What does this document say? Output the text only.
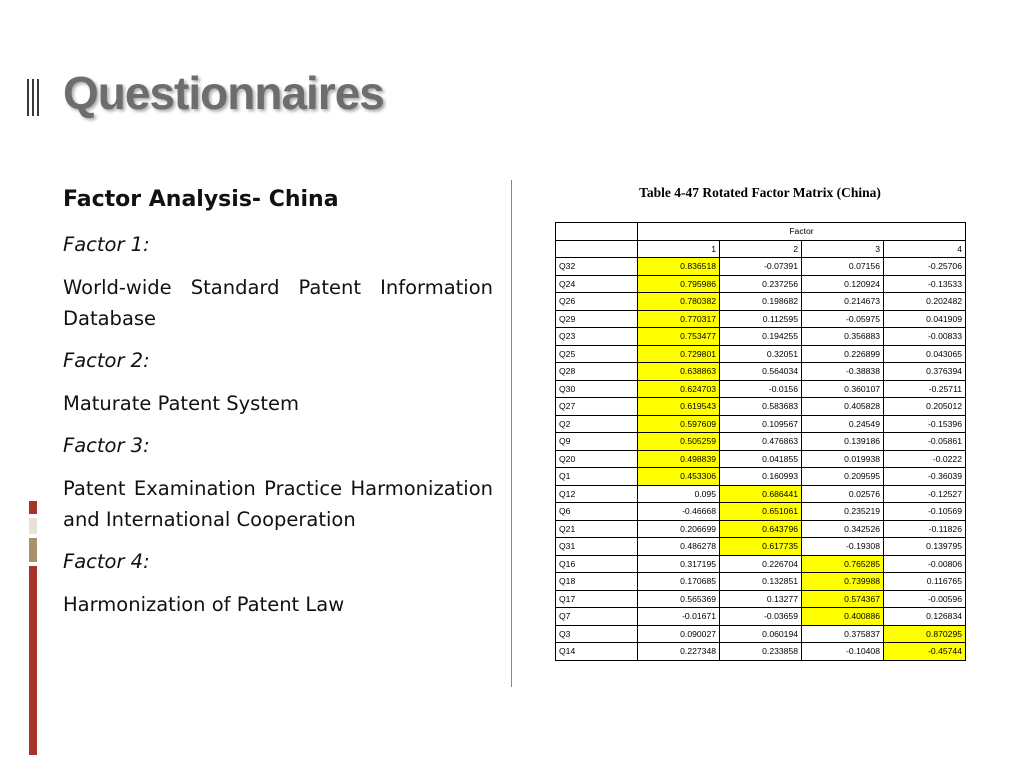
Questionnaires
Factor Analysis- China
Factor 1:
World-wide Standard Patent Information Database
Factor 2:
Maturate Patent System
Factor 3:
Patent Examination Practice Harmonization and International Cooperation
Factor 4:
Harmonization of Patent Law
Table 4-47 Rotated Factor Matrix (China)
	Factor			
	1	2	3	4
Q32	0.836518	-0.07391	0.07156	-0.25706
Q24	0.795986	0.237256	0.120924	-0.13533
Q26	0.780382	0.198682	0.214673	0.202482
Q29	0.770317	0.112595	-0.05975	0.041909
Q23	0.753477	0.194255	0.356883	-0.00833
Q25	0.729801	0.32051	0.226899	0.043065
Q28	0.638863	0.564034	-0.38838	0.376394
Q30	0.624703	-0.0156	0.360107	-0.25711
Q27	0.619543	0.583683	0.405828	0.205012
Q2	0.597609	0.109567	0.24549	-0.15396
Q9	0.505259	0.476863	0.139186	-0.05861
Q20	0.498839	0.041855	0.019938	-0.0222
Q1	0.453306	0.160993	0.209595	-0.36039
Q12	0.095	0.686441	0.02576	-0.12527
Q6	-0.46668	0.651061	0.235219	-0.10569
Q21	0.206699	0.643796	0.342526	-0.11826
Q31	0.486278	0.617735	-0.19308	0.139795
Q16	0.317195	0.226704	0.765285	-0.00806
Q18	0.170685	0.132851	0.739988	0.116765
Q17	0.565369	0.13277	0.574367	-0.00596
Q7	-0.01671	-0.03659	0.400886	0.126834
Q3	0.090027	0.060194	0.375837	0.870295
Q14	0.227348	0.233858	-0.10408	-0.45744
